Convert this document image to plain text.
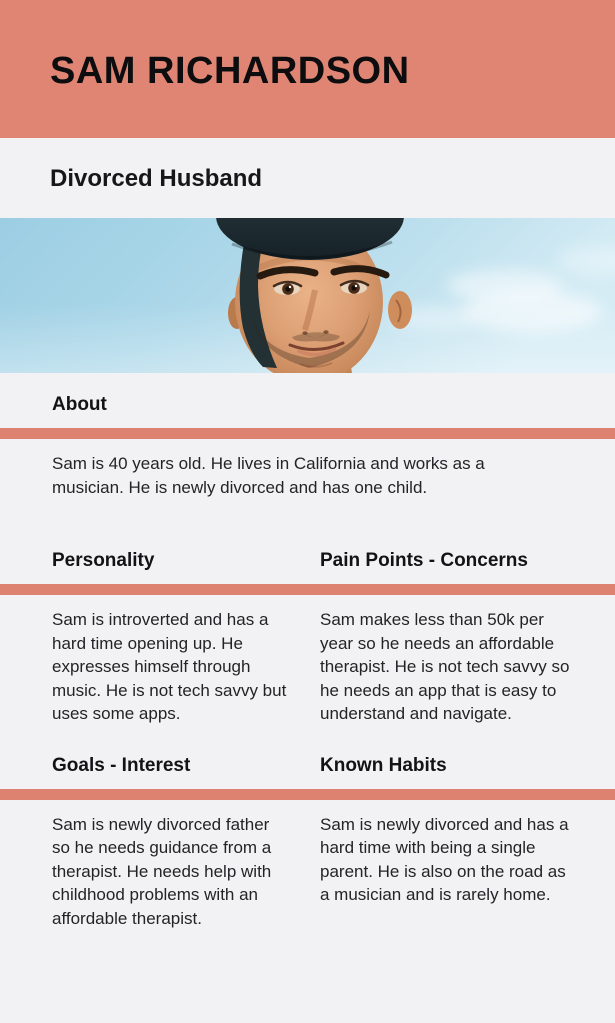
SAM RICHARDSON
Divorced Husband
About

Sam is 40 years old. He lives in California and works as a musician. He is newly divorced and has one child.

Personality	Pain Points - Concerns

Sam is introverted and has a hard time opening up. He expresses himself through music. He is not tech savvy but uses some apps.

Sam makes less than 50k per year so he needs an affordable therapist. He is not tech savvy so he needs an app that is easy to understand and navigate.

Goals - Interest	Known Habits

Sam is newly divorced father so he needs guidance from a therapist. He needs help with childhood problems with an affordable therapist.

Sam is newly divorced and has a hard time with being a single parent. He is also on the road as a musician and is rarely home.
